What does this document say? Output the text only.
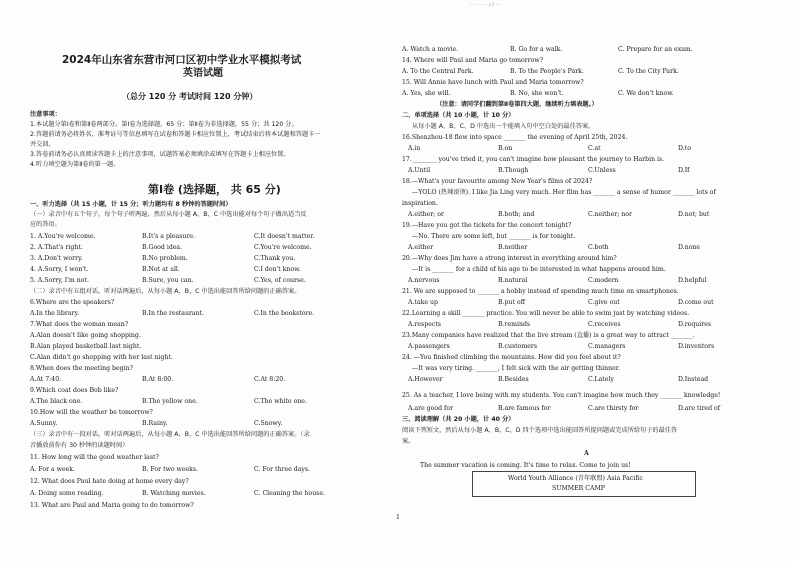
· · · · · · / / · ·
2024年山东省东营市河口区初中学业水平模拟考试
英语试题
（总分 120 分 考试时间 120 分钟）
注意事项：
1.本试题分第Ⅰ卷和第Ⅱ卷两部分。第Ⅰ卷为选择题，65 分；第Ⅱ卷为非选择题，55 分；共 120 分。
2.答题前请务必将姓名、准考证号等信息填写在试卷和答题卡相应位置上，考试结束后将本试题和答题卡一
并交回。
3.答卷前请务必认真阅读答题卡上的注意事项，试题答案必须填涂或填写在答题卡上相应位置。
4.听力填空题为第Ⅱ卷的第一题。
第Ⅰ卷 (选择题， 共 65 分)
一、听力选择（共 15 小题，计 15 分；听力题均有 8 秒钟的答题时间）
（一）录音中有五个句子，每个句子听两遍，然后从每小题 A、B、C 中选出能对每个句子做出适当反
应的答语。
1. A.You're welcome.	B.It's a pleasure.	C.It doesn't matter.
2. A.That's right.	B.Good idea.	C.You're welcome.
3. A.Don't worry.	B.No problem.	C.Thank you.
4. A.Sorry, I won't.	B.Not at all.	C.I don't know.
5. A.Sorry, I'm not.	B.Sure, you can.	C.Yes, of course.
（二）录音中有五组对话，听对话两遍后，从每小题 A、B、C 中选出能回答所给问题的正确答案。
6.Where are the speakers?
A.In the library.	B.In the restaurant.	C.In the bookstore.
7.What does the woman mean?
A.Alan doesn't like going shopping.
B.Alan played basketball last night.
C.Alan didn't go shopping with her last night.
8.When does the meeting begin?
A.At 7:40.	B.At 8:00.	C.At 8:20.
9.Which coat does Bob like?
A.The black one.	B.The yellow one.	C.The white one.
10.How will the weather be tomorrow?
A.Sunny.	B.Rainy.	C.Snowy.
（三）录音中有一段对话，听对话两遍后，从每小题 A、B、C 中选出能回答所给问题的正确答案。（录
音播放前你有 30 秒钟的读题时间）
11. How long will the good weather last?
A. For a week.	B. For two weeks.	C. For three days.
12. What does Paul hate doing at home every day?
A. Doing some reading.	B. Watching movies.	C. Cleaning the house.
13. What are Paul and Maria going to do tomorrow?
A. Watch a movie.	B. Go for a walk.	C. Prepare for an exam.
14. Where will Paul and Maria go tomorrow?
A. To the Central Park.	B. To the People's Park.	C. To the City Park.
15. Will Annie have lunch with Paul and Maria tomorrow?
A. Yes, she will.	B. No, she won't.	C. We don't know.
（注意：请同学们翻到第Ⅱ卷第四大题，继续听力填表题。）
二、单项选择（共 10 小题，计 10 分）
从每小题 A、B、C、D 中选出一个能填入句中空白处的最佳答案。
16.Shenzhou-18 flew into space _______ the evening of April 25th, 2024.
A.in	B.on	C.at	D.to
17.________ you've tried it, you can't imagine how pleasant the journey to Harbin is.
A.Until	B.Though	C.Unless	D.If
18.—What's your favourite among New Year's films of 2024?
—YOLO (热辣滚烫). I like Jia Ling very much. Her film has _______ a sense of humor _______ lots of
inspiration.
A.either; or	B.both; and	C.neither; nor	D.not; but
19.—Have you got the tickets for the concert tonight?
—No. There are some left, but _______ is for tonight.
A.either	B.neither	C.both	D.none
20.—Why does Jim have a strong interest in everything around him?
—It is _______ for a child of his age to be interested in what happens around him.
A.nervous	B.natural	C.modern	D.helpful
21. We are supposed to _______ a hobby instead of spending much time on smartphones.
A.take up	B.put off	C.give out	D.come out
22.Learning a skill _______ practice. You will never be able to swim just by watching videos.
A.respects	B.reminds	C.receives	D.requires
23.Many companies have realized that the live stream (直播) is a great way to attract _______.
A.passengers	B.customers	C.managers	D.inventors
24. —You finished climbing the mountains. How did you feel about it?
—It was very tiring. _______, I felt sick with the air getting thinner.
A.However	B.Besides	C.Lately	D.Instead
25. As a teacher, I love being with my students. You can't imagine how much they _______ knowledge!
A.are good for	B.are famous for	C.are thirsty for	D.are tired of
三、阅读理解（共 20 小题，计 40 分）
阅读下列短文，然后从每小题 A、B、C、D 四个选项中选出能回答所提问题或完成所给句子的最佳答
案。
A
The summer vacation is coming. It's time to relax. Come to join us!
World Youth Alliance (青年联盟) Asia Pacific
SUMMER CAMP
1
